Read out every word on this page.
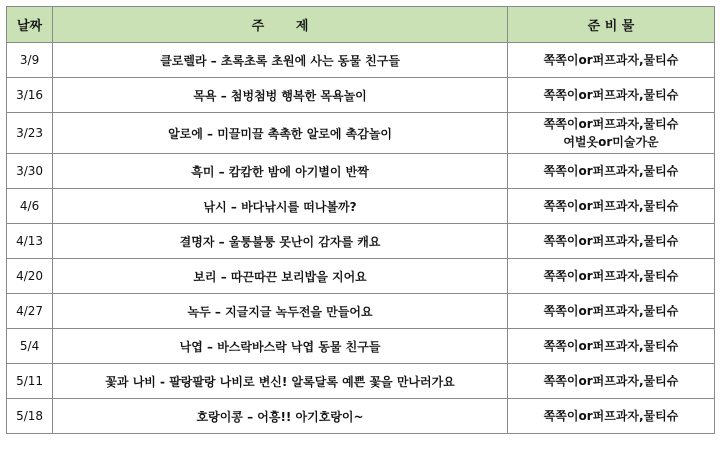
날짜	주       제	준 비 물
3/9	클로렐라 – 초록초록 초원에 사는 동물 친구들	쪽쪽이or퍼프과자,물티슈

3/16	목욕 – 첨벙첨벙 행복한 목욕놀이	쪽쪽이or퍼프과자,물티슈

3/23	알로에 – 미끌미끌 촉촉한 알로에 촉감놀이	쪽쪽이or퍼프과자,물티슈
여벌옷or미술가운

3/30	흑미 – 캄캄한 밤에 아기별이 반짝	쪽쪽이or퍼프과자,물티슈

4/6	낚시 – 바다낚시를 떠나볼까?	쪽쪽이or퍼프과자,물티슈

4/13	결명자 – 울퉁불퉁 못난이 감자를 캐요	쪽쪽이or퍼프과자,물티슈

4/20	보리 – 따끈따끈 보리밥을 지어요	쪽쪽이or퍼프과자,물티슈

4/27	녹두 – 지글지글 녹두전을 만들어요	쪽쪽이or퍼프과자,물티슈

5/4	낙엽 – 바스락바스락 낙엽 동물 친구들	쪽쪽이or퍼프과자,물티슈

5/11	꽃과 나비 - 팔랑팔랑 나비로 변신! 알록달록 예쁜 꽃을 만나러가요	쪽쪽이or퍼프과자,물티슈

5/18	호랑이콩 – 어흥!! 아기호랑이~	쪽쪽이or퍼프과자,물티슈
